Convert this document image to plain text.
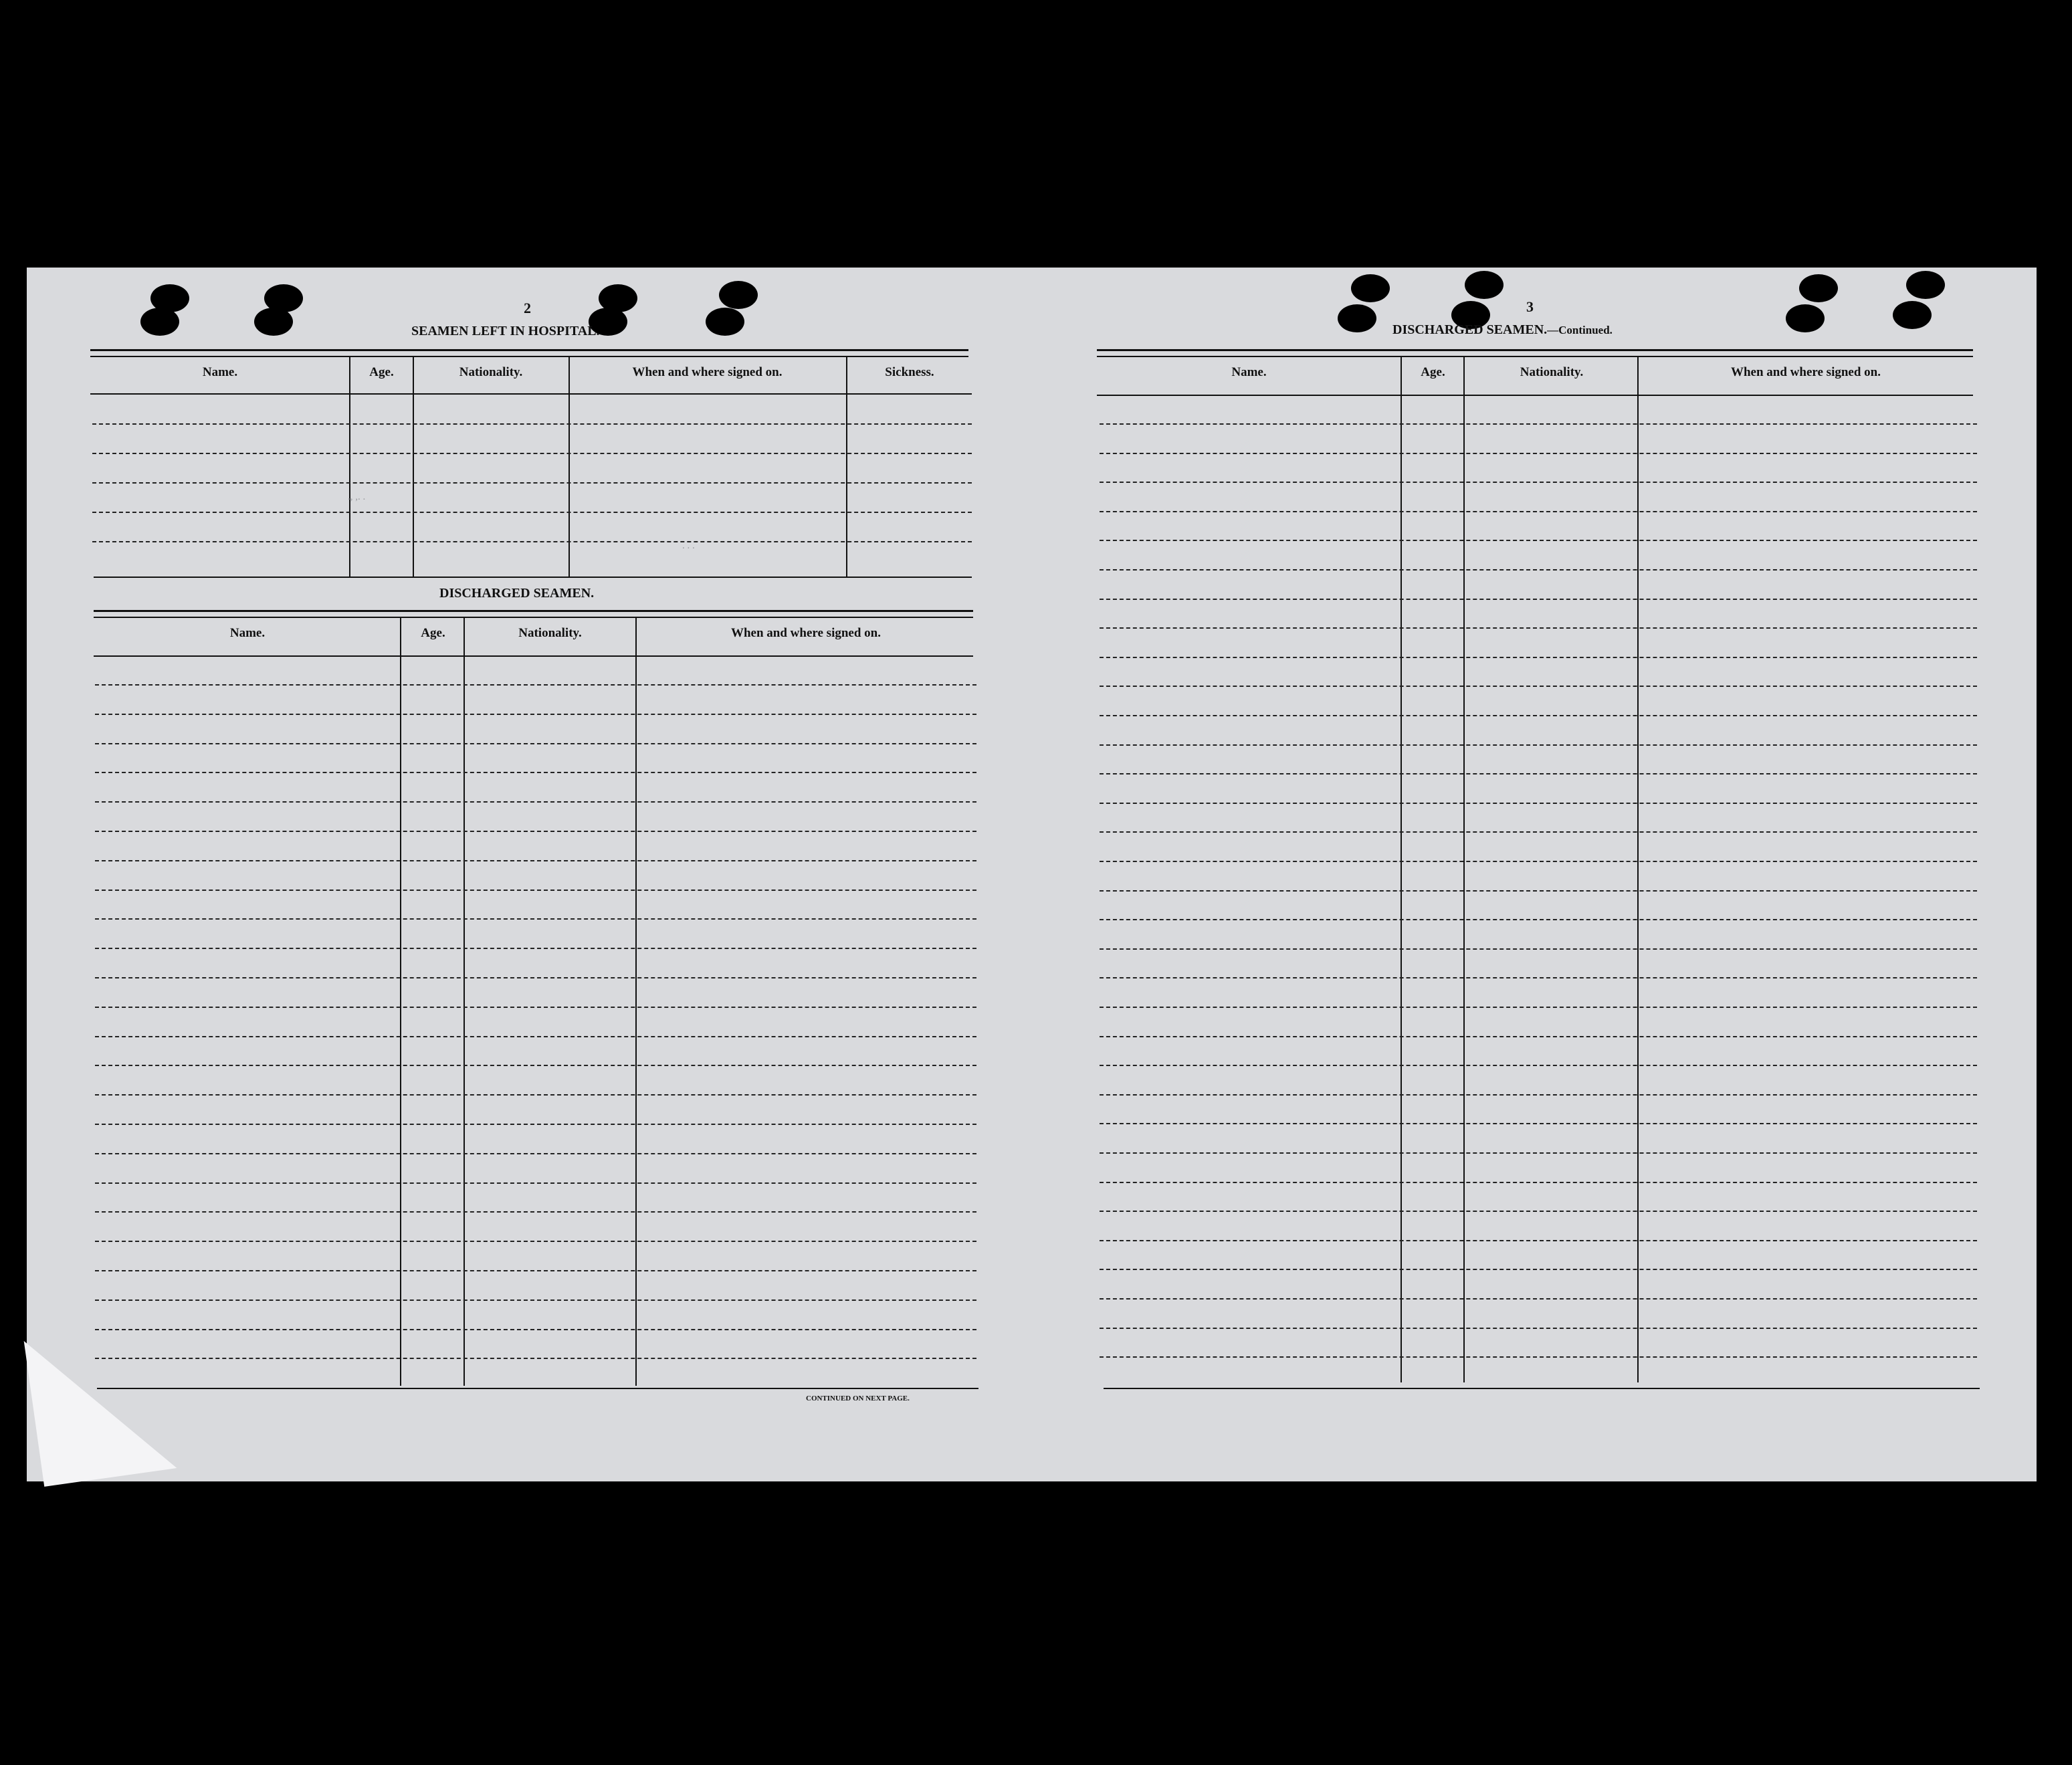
2
SEAMEN LEFT IN HOSPITAL.
Name.	Age.	Nationality.	When and where signed on.	Sickness.
., ,. .
. . .
DISCHARGED SEAMEN.
Name.	Age.	Nationality.	When and where signed on.
CONTINUED ON NEXT PAGE.
3
DISCHARGED SEAMEN.—Continued.
Name.	Age.	Nationality.	When and where signed on.
